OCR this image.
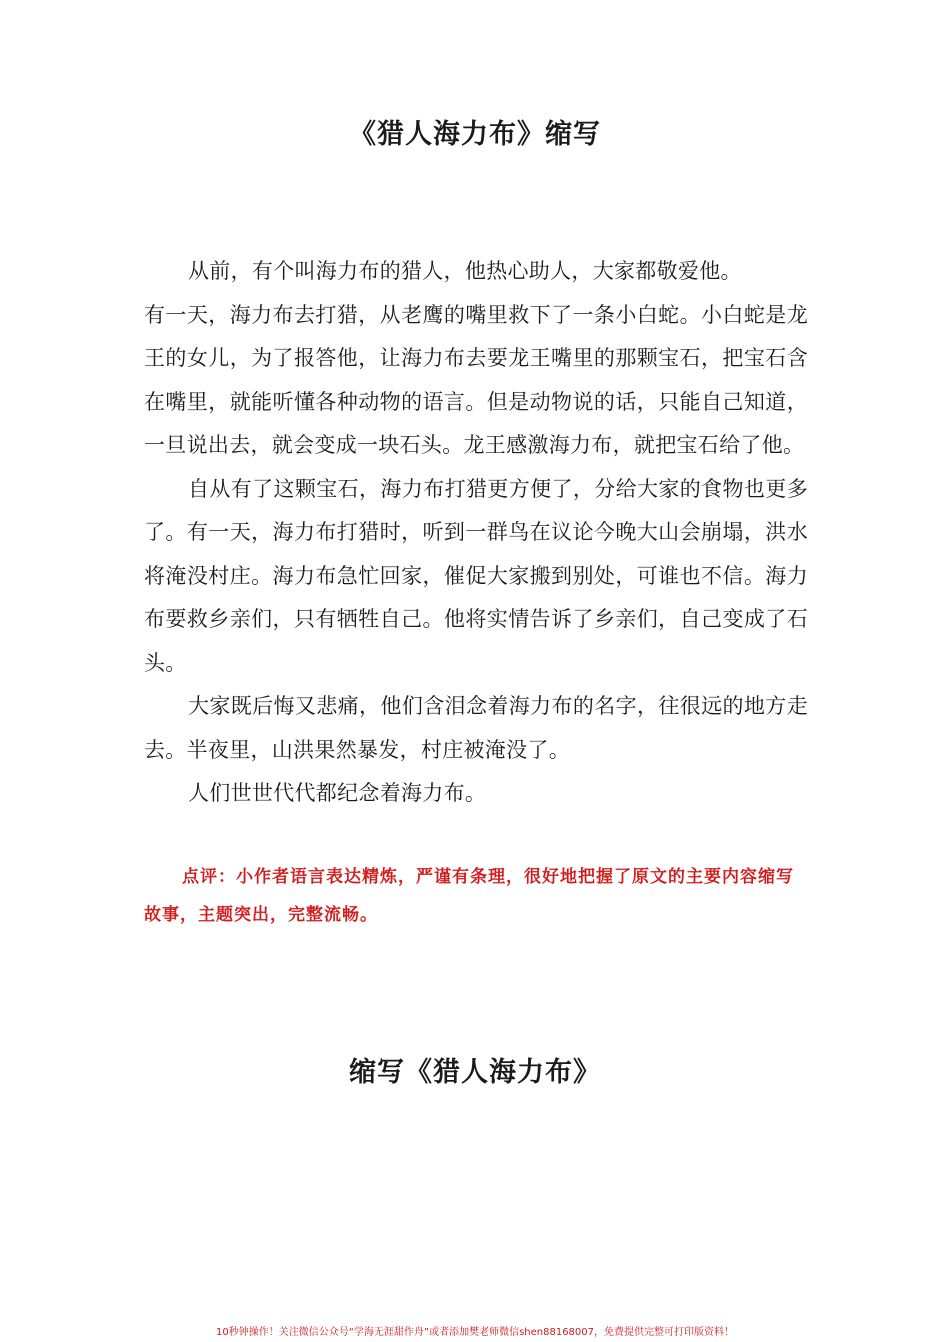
《猎人海力布》缩写

从前，有个叫海力布的猎人，他热心助人，大家都敬爱他。

有一天，海力布去打猎，从老鹰的嘴里救下了一条小白蛇。小白蛇是龙王的女儿，为了报答他，让海力布去要龙王嘴里的那颗宝石，把宝石含在嘴里，就能听懂各种动物的语言。但是动物说的话，只能自己知道，一旦说出去，就会变成一块石头。龙王感激海力布，就把宝石给了他。

自从有了这颗宝石，海力布打猎更方便了，分给大家的食物也更多了。有一天，海力布打猎时，听到一群鸟在议论今晚大山会崩塌，洪水将淹没村庄。海力布急忙回家，催促大家搬到别处，可谁也不信。海力布要救乡亲们，只有牺牲自己。他将实情告诉了乡亲们，自己变成了石头。

大家既后悔又悲痛，他们含泪念着海力布的名字，往很远的地方走去。半夜里，山洪果然暴发，村庄被淹没了。

人们世世代代都纪念着海力布。

点评：小作者语言表达精炼，严谨有条理，很好地把握了原文的主要内容缩写故事，主题突出，完整流畅。

缩写《猎人海力布》

10秒钟操作！关注微信公众号“学海无涯甜作舟”或者添加樊老师微信shen88168007，免费提供完整可打印版资料！
